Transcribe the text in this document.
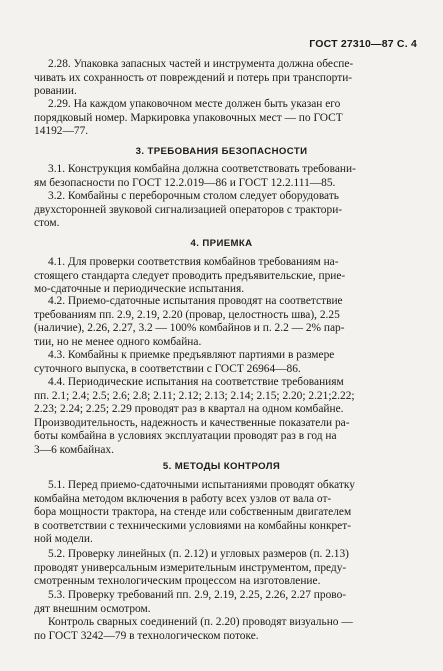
ГОСТ 27310—87 С. 4
2.28. Упаковка запасных частей и инструмента должна обеспе-
чивать их сохранность от повреждений и потерь при транспорти-
ровании.
2.29. На каждом упаковочном месте должен быть указан его
порядковый номер. Маркировка упаковочных мест — по ГОСТ
14192—77.
3. ТРЕБОВАНИЯ БЕЗОПАСНОСТИ
3.1. Конструкция комбайна должна соответствовать требовани-
ям безопасности по ГОСТ 12.2.019—86 и ГОСТ 12.2.111—85.
3.2. Комбайны с переборочным столом следует оборудовать
двухсторонней звуковой сигнализацией операторов с трактори-
стом.
4. ПРИЕМКА
4.1. Для проверки соответствия комбайнов требованиям на-
стоящего стандарта следует проводить предъявительские, прие-
мо-сдаточные и периодические испытания.
4.2. Приемо-сдаточные испытания проводят на соответствие
требованиям пп. 2.9, 2.19, 2.20 (провар, целостность шва), 2.25
(наличие), 2.26, 2.27, 3.2 — 100% комбайнов и п. 2.2 — 2% пар-
тии, но не менее одного комбайна.
4.3. Комбайны к приемке предъявляют партиями в размере
суточного выпуска, в соответствии с ГОСТ 26964—86.
4.4. Периодические испытания на соответствие требованиям
пп. 2.1; 2.4; 2.5; 2.6; 2.8; 2.11; 2.12; 2.13; 2.14; 2.15; 2.20; 2.21;2.22;
2.23; 2.24; 2.25; 2.29 проводят раз в квартал на одном комбайне.
Производительность, надежность и качественные показатели ра-
боты комбайна в условиях эксплуатации проводят раз в год на
3—6 комбайнах.
5. МЕТОДЫ КОНТРОЛЯ
5.1. Перед приемо-сдаточными испытаниями проводят обкатку
комбайна методом включения в работу всех узлов от вала от-
бора мощности трактора, на стенде или собственным двигателем
в соответствии с техническими условиями на комбайны конкрет-
ной модели.
5.2. Проверку линейных (п. 2.12) и угловых размеров (п. 2.13)
проводят универсальным измерительным инструментом, преду-
смотренным технологическим процессом на изготовление.
5.3. Проверку требований пп. 2.9, 2.19, 2.25, 2.26, 2.27 прово-
дят внешним осмотром.
Контроль сварных соединений (п. 2.20) проводят визуально —
по ГОСТ 3242—79 в технологическом потоке.
